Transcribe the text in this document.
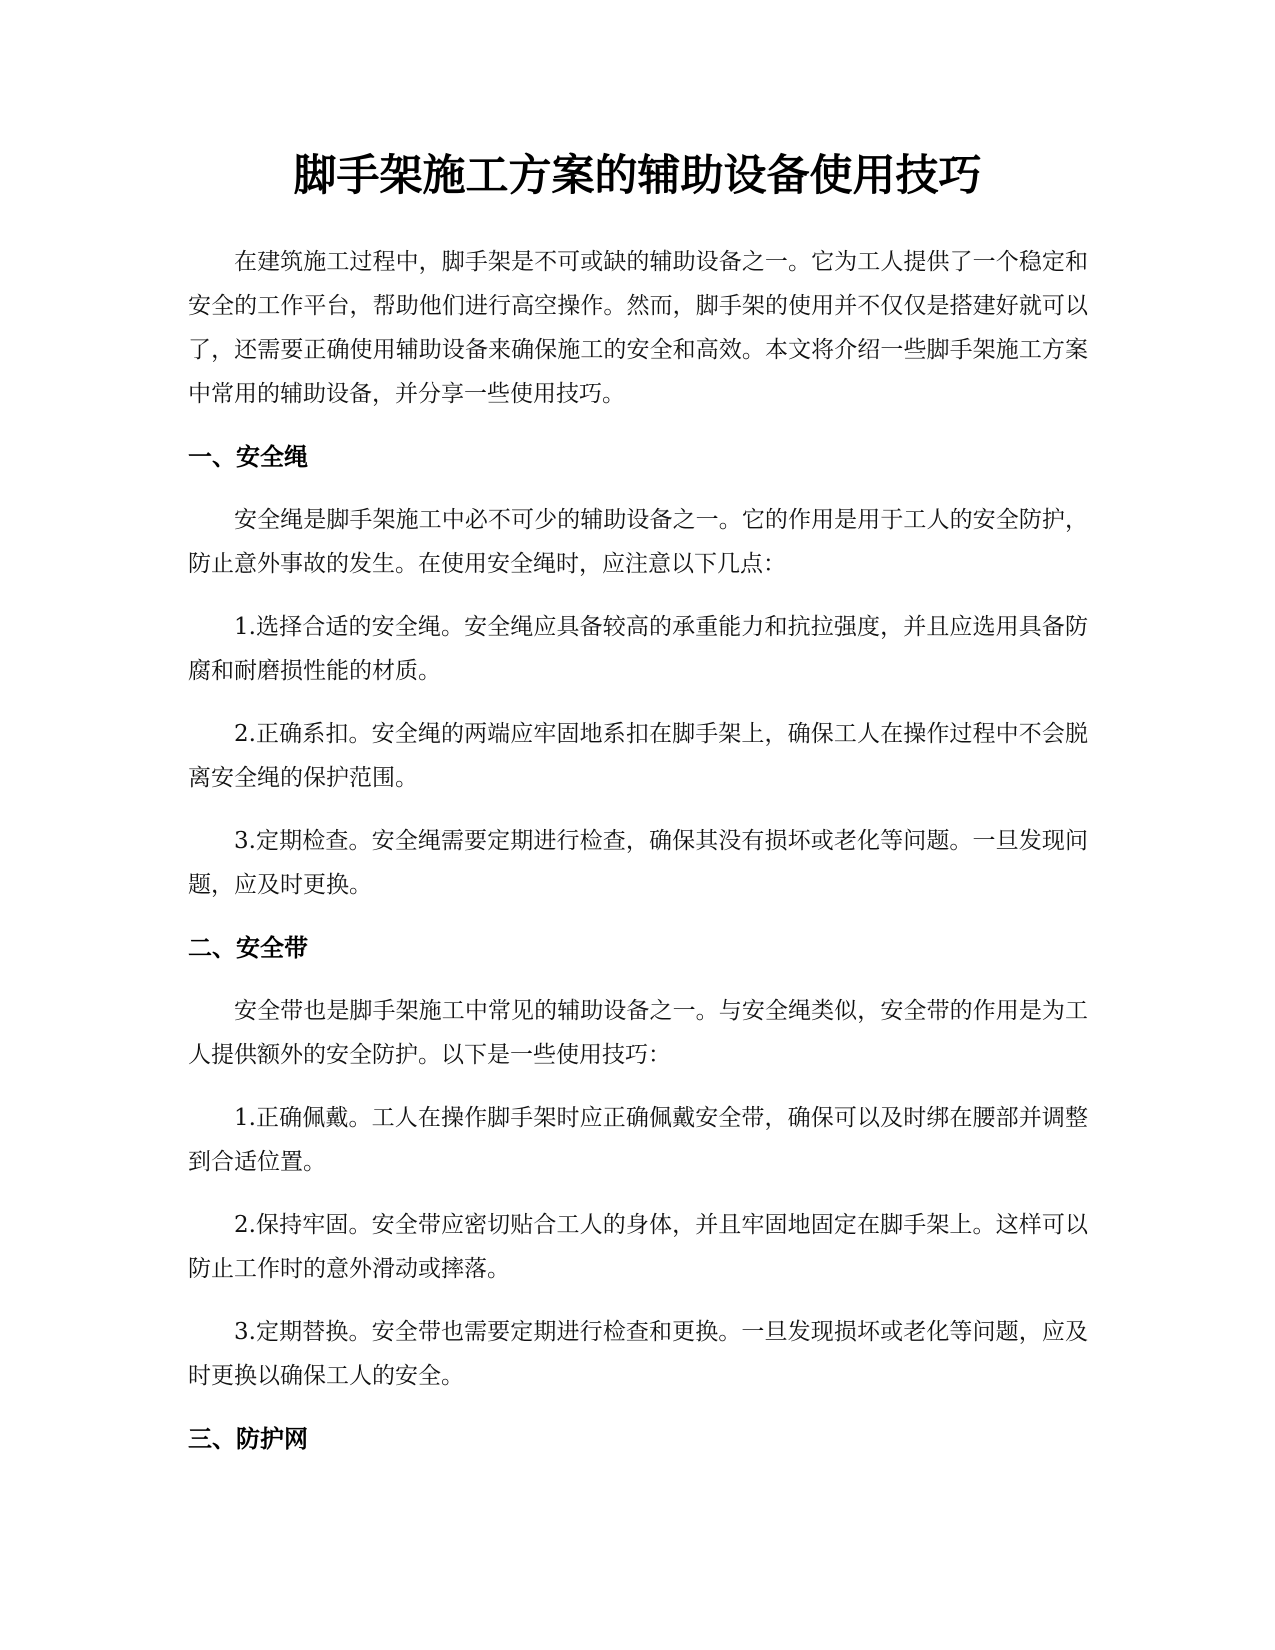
脚手架施工方案的辅助设备使用技巧

在建筑施工过程中，脚手架是不可或缺的辅助设备之一。它为工人提供了一个稳定和安全的工作平台，帮助他们进行高空操作。然而，脚手架的使用并不仅仅是搭建好就可以了，还需要正确使用辅助设备来确保施工的安全和高效。本文将介绍一些脚手架施工方案中常用的辅助设备，并分享一些使用技巧。

一、安全绳

安全绳是脚手架施工中必不可少的辅助设备之一。它的作用是用于工人的安全防护，防止意外事故的发生。在使用安全绳时，应注意以下几点：

1.选择合适的安全绳。安全绳应具备较高的承重能力和抗拉强度，并且应选用具备防腐和耐磨损性能的材质。

2.正确系扣。安全绳的两端应牢固地系扣在脚手架上，确保工人在操作过程中不会脱离安全绳的保护范围。

3.定期检查。安全绳需要定期进行检查，确保其没有损坏或老化等问题。一旦发现问题，应及时更换。

二、安全带

安全带也是脚手架施工中常见的辅助设备之一。与安全绳类似，安全带的作用是为工人提供额外的安全防护。以下是一些使用技巧：

1.正确佩戴。工人在操作脚手架时应正确佩戴安全带，确保可以及时绑在腰部并调整到合适位置。

2.保持牢固。安全带应密切贴合工人的身体，并且牢固地固定在脚手架上。这样可以防止工作时的意外滑动或摔落。

3.定期替换。安全带也需要定期进行检查和更换。一旦发现损坏或老化等问题，应及时更换以确保工人的安全。

三、防护网
